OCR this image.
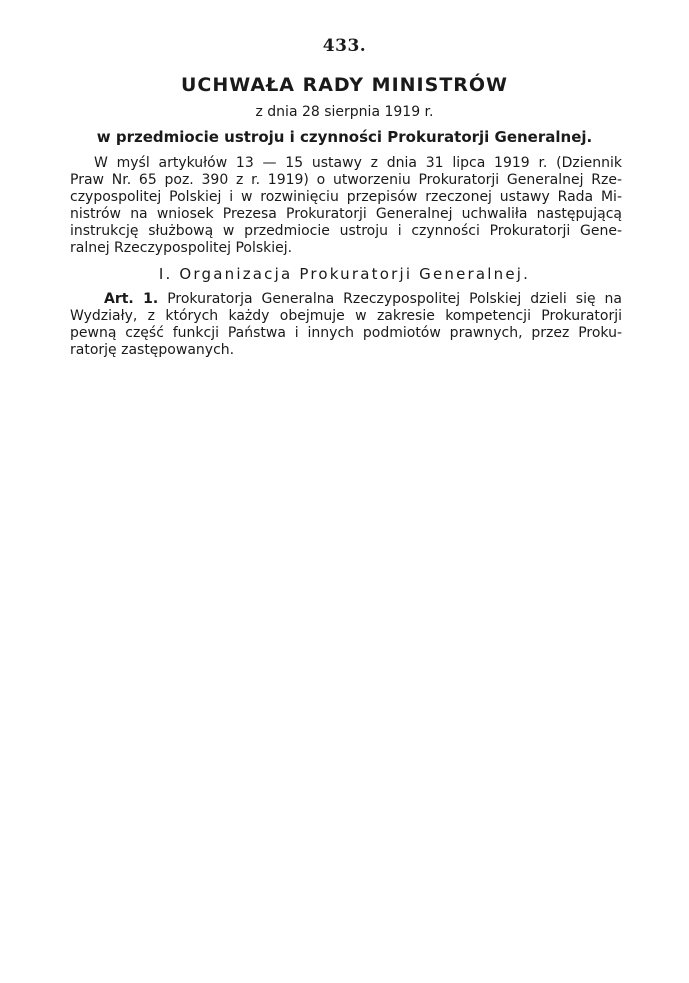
433.
UCHWAŁA RADY MINISTRÓW
z dnia 28 sierpnia 1919 r.
w przedmiocie ustroju i czynności Prokuratorji Generalnej.
W myśl artykułów 13 — 15 ustawy z dnia 31 lipca 1919 r. (Dziennik
Praw Nr. 65 poz. 390 z r. 1919) o utworzeniu Prokuratorji Generalnej Rze-
czypospolitej Polskiej i w rozwinięciu przepisów rzeczonej ustawy Rada Mi-
nistrów na wniosek Prezesa Prokuratorji Generalnej uchwaliła następującą
instrukcję służbową w przedmiocie ustroju i czynności Prokuratorji Gene-
ralnej Rzeczypospolitej Polskiej.
I. Organizacja Prokuratorji Generalnej.
Art. 1. Prokuratorja Generalna Rzeczypospolitej Polskiej dzieli się na
Wydziały, z których każdy obejmuje w zakresie kompetencji Prokuratorji
pewną część funkcji Państwa i innych podmiotów prawnych, przez Proku-
ratorję zastępowanych.
